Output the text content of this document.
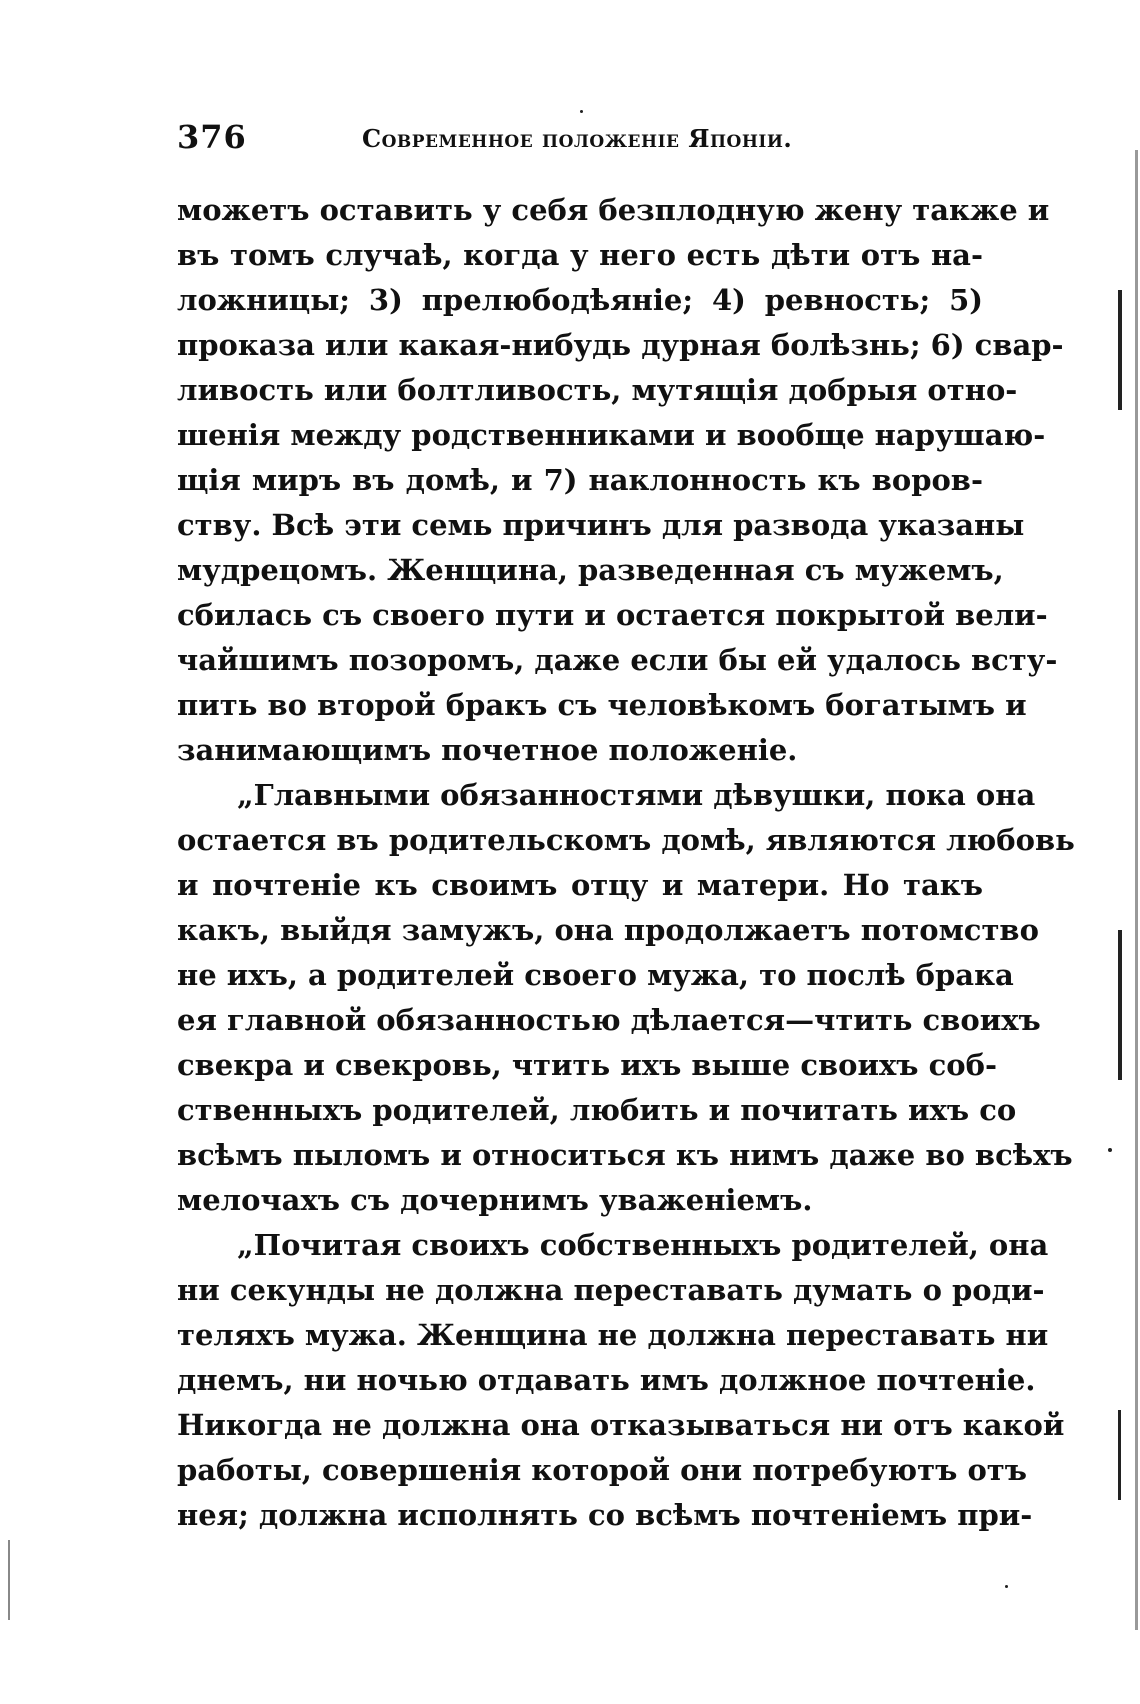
376	Современное положеніе Японіи.
можетъ оставить у себя безплодную жену также и
въ томъ случаѣ, когда у него есть дѣти отъ на-
ложницы; 3) прелюбодѣяніе; 4) ревность; 5)
проказа или какая-нибудь дурная болѣзнь; 6) свар-
ливость или болтливость, мутящія добрыя отно-
шенія между родственниками и вообще нарушаю-
щія миръ въ домѣ, и 7) наклонность къ воров-
ству. Всѣ эти семь причинъ для развода указаны
мудрецомъ. Женщина, разведенная съ мужемъ,
сбилась съ своего пути и остается покрытой вели-
чайшимъ позоромъ, даже если бы ей удалось всту-
пить во второй бракъ съ человѣкомъ богатымъ и
занимающимъ почетное положеніе.
„Главными обязанностями дѣвушки, пока она
остается въ родительскомъ домѣ, являются любовь
и почтеніе къ своимъ отцу и матери. Но такъ
какъ, выйдя замужъ, она продолжаетъ потомство
не ихъ, а родителей своего мужа, то послѣ брака
ея главной обязанностью дѣлается—чтить своихъ
свекра и свекровь, чтить ихъ выше своихъ соб-
ственныхъ родителей, любить и почитать ихъ со
всѣмъ пыломъ и относиться къ нимъ даже во всѣхъ
мелочахъ съ дочернимъ уваженіемъ.
„Почитая своихъ собственныхъ родителей, она
ни секунды не должна переставать думать о роди-
теляхъ мужа. Женщина не должна переставать ни
днемъ, ни ночью отдавать имъ должное почтеніе.
Никогда не должна она отказываться ни отъ какой
работы, совершенія которой они потребуютъ отъ
нея; должна исполнять со всѣмъ почтеніемъ при-
